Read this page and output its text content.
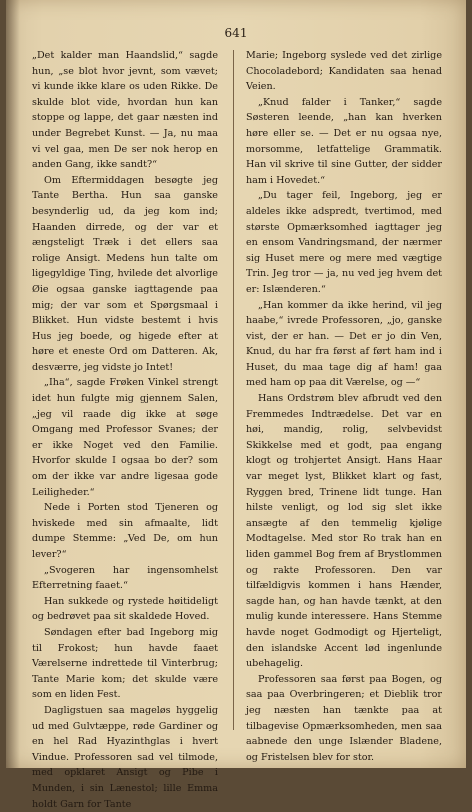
641

„Det kalder man Haandslid,“ sagde hun, „se blot hvor jevnt, som vævet; vi kunde ikke klare os uden Rikke. De skulde blot vide, hvordan hun kan stoppe og lappe, det gaar næsten ind under Begrebet Kunst. — Ja, nu maa vi vel gaa, men De ser nok herop en anden Gang, ikke sandt?“

Om Eftermiddagen besøgte jeg Tante Bertha. Hun saa ganske besynderlig ud, da jeg kom ind; Haanden dirrede, og der var et ængsteligt Træk i det ellers saa rolige Ansigt. Medens hun talte om ligegyldige Ting, hvilede det alvorlige Øie ogsaa ganske iagttagende paa mig; der var som et Spørgsmaal i Blikket. Hun vidste bestemt i hvis Hus jeg boede, og higede efter at høre et eneste Ord om Datteren. Ak, desværre, jeg vidste jo Intet!

„Iha“, sagde Frøken Vinkel strengt idet hun fulgte mig gjennem Salen, „jeg vil raade dig ikke at søge Omgang med Professor Svanes; der er ikke Noget ved den Familie. Hvorfor skulde I ogsaa bo der? som om der ikke var andre ligesaa gode Leiligheder.“

Nede i Porten stod Tjeneren og hviskede med sin afmaalte, lidt dumpe Stemme: „Ved De, om hun lever?“

„Svogeren har ingensomhelst Efterretning faaet.“

Han sukkede og rystede høitideligt og bedrøvet paa sit skaldede Hoved.

Søndagen efter bad Ingeborg mig til Frokost; hun havde faaet Værelserne indrettede til Vinterbrug; Tante Marie kom; det skulde være som en liden Fest.

Dagligstuen saa mageløs hyggelig ud med Gulvtæppe, røde Gardiner og en hel Rad Hyazinthglas i hvert Vindue. Professoren sad vel tilmode, med opklaret Ansigt og Pibe i Munden, i sin Lænestol; lille Emma holdt Garn for Tante

Marie; Ingeborg syslede ved det zirlige Chocoladebord; Kandidaten saa henad Veien.

„Knud falder i Tanker,“ sagde Søsteren leende, „han kan hverken høre eller se. — Det er nu ogsaa nye, morsomme, letfattelige Grammatik. Han vil skrive til sine Gutter, der sidder ham i Hovedet.“

„Du tager feil, Ingeborg, jeg er aldeles ikke adspredt, tvertimod, med største Opmærksomhed iagttager jeg en ensom Vandringsmand, der nærmer sig Huset mere og mere med vægtige Trin. Jeg tror — ja, nu ved jeg hvem det er: Islænderen.“

„Han kommer da ikke herind, vil jeg haabe,“ ivrede Professoren, „jo, ganske vist, der er han. — Det er jo din Ven, Knud, du har fra først af ført ham ind i Huset, du maa tage dig af ham! gaa med ham op paa dit Værelse, og —“

Hans Ordstrøm blev afbrudt ved den Fremmedes Indtrædelse. Det var en høi, mandig, rolig, selvbevidst Skikkelse med et godt, paa engang klogt og trohjertet Ansigt. Hans Haar var meget lyst, Blikket klart og fast, Ryggen bred, Trinene lidt tunge. Han hilste venligt, og lod sig slet ikke ansægte af den temmelig kjølige Modtagelse. Med stor Ro trak han en liden gammel Bog frem af Brystlommen og rakte Professoren. Den var tilfældigvis kommen i hans Hænder, sagde han, og han havde tænkt, at den mulig kunde interessere. Hans Stemme havde noget Godmodigt og Hjerteligt, den islandske Accent lød ingenlunde ubehagelig.

Professoren saa først paa Bogen, og saa paa Overbringeren; et Dieblik tror jeg næsten han tænkte paa at tilbagevise Opmærksomheden, men saa aabnede den unge Islænder Bladene, og Fristelsen blev for stor.
